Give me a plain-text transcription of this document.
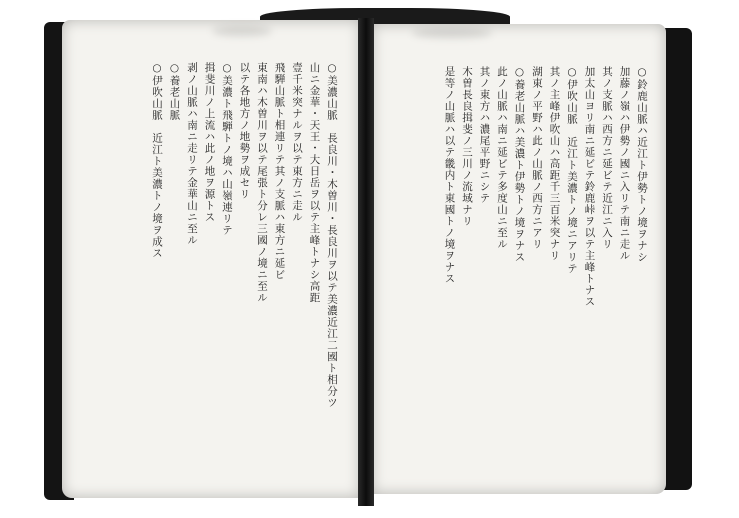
○美濃山脈　長良川・木曽川・長良川ヲ以テ美濃近江二國ト相分ツ

山ニ金華・天王・大日岳ヲ以テ主峰トナシ高距

壹千米突ナルヲ以テ東方ニ走ル

飛騨山脈ト相連リテ其ノ支脈ハ東方ニ延ビ

東南ハ木曽川ヲ以テ尾張ト分レ三國ノ境ニ至ル

以テ各地方ノ地勢ヲ成セリ

○美濃ト飛騨トノ境ハ山嶺連リテ

揖斐川ノ上流ハ此ノ地ヲ源トス

剥ノ山脈ハ南ニ走リテ金華山ニ至ル

○養老山脈

○伊吹山脈　近江ト美濃トノ境ヲ成ス	○鈴鹿山脈ハ近江ト伊勢トノ境ヲナシ

加藤ノ嶺ハ伊勢ノ國ニ入リテ南ニ走ル

其ノ支脈ハ西方ニ延ビテ近江ニ入リ

加太山ヨリ南ニ延ビテ鈴鹿峠ヲ以テ主峰トナス

○伊吹山脈　近江ト美濃トノ境ニアリテ

其ノ主峰伊吹山ハ高距千三百米突ナリ

湖東ノ平野ハ此ノ山脈ノ西方ニアリ

○養老山脈ハ美濃ト伊勢トノ境ヲナス

此ノ山脈ハ南ニ延ビテ多度山ニ至ル

其ノ東方ハ濃尾平野ニシテ

木曽長良揖斐ノ三川ノ流域ナリ

是等ノ山脈ハ以テ畿内ト東國トノ境ヲナス
